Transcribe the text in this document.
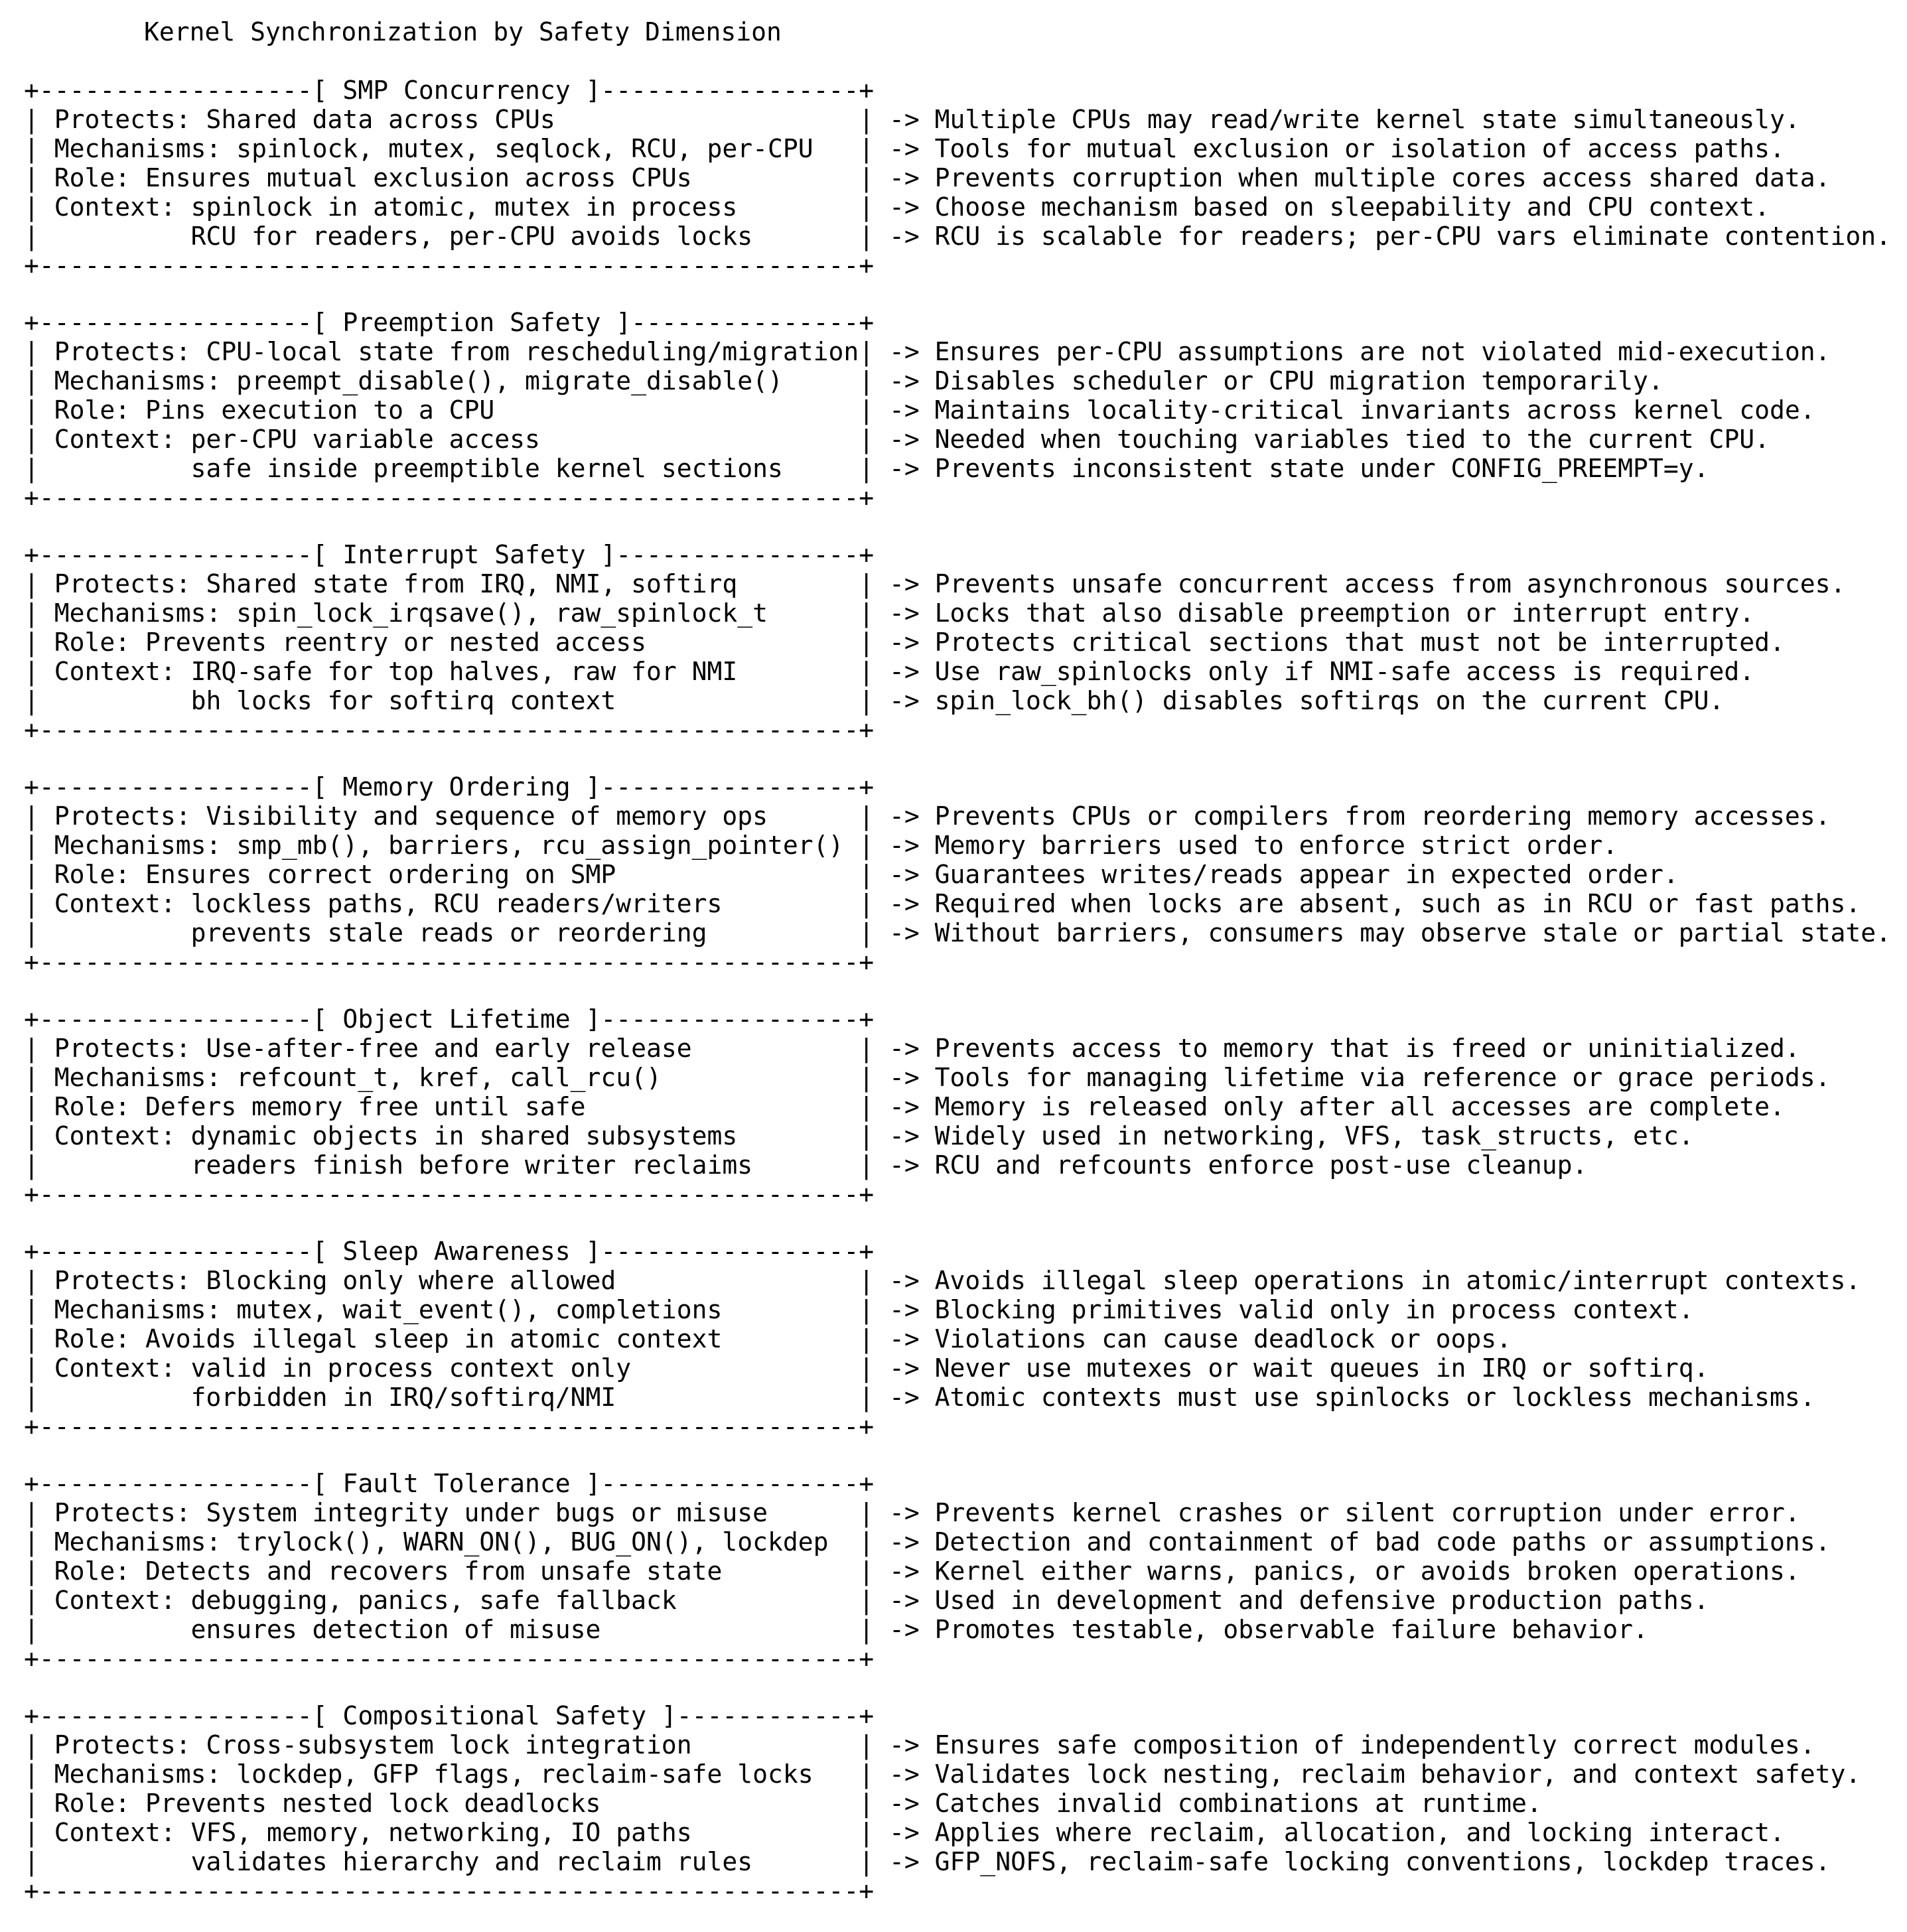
Kernel Synchronization by Safety Dimension
+------------------[ SMP Concurrency ]-----------------+
| Protects: Shared data across CPUs                    | -> Multiple CPUs may read/write kernel state simultaneously.
| Mechanisms: spinlock, mutex, seqlock, RCU, per-CPU   | -> Tools for mutual exclusion or isolation of access paths.
| Role: Ensures mutual exclusion across CPUs           | -> Prevents corruption when multiple cores access shared data.
| Context: spinlock in atomic, mutex in process        | -> Choose mechanism based on sleepability and CPU context.
|          RCU for readers, per-CPU avoids locks       | -> RCU is scalable for readers; per-CPU vars eliminate contention.
+------------------------------------------------------+
+------------------[ Preemption Safety ]---------------+
| Protects: CPU-local state from rescheduling/migration| -> Ensures per-CPU assumptions are not violated mid-execution.
| Mechanisms: preempt_disable(), migrate_disable()     | -> Disables scheduler or CPU migration temporarily.
| Role: Pins execution to a CPU                        | -> Maintains locality-critical invariants across kernel code.
| Context: per-CPU variable access                     | -> Needed when touching variables tied to the current CPU.
|          safe inside preemptible kernel sections     | -> Prevents inconsistent state under CONFIG_PREEMPT=y.
+------------------------------------------------------+
+------------------[ Interrupt Safety ]----------------+
| Protects: Shared state from IRQ, NMI, softirq        | -> Prevents unsafe concurrent access from asynchronous sources.
| Mechanisms: spin_lock_irqsave(), raw_spinlock_t      | -> Locks that also disable preemption or interrupt entry.
| Role: Prevents reentry or nested access              | -> Protects critical sections that must not be interrupted.
| Context: IRQ-safe for top halves, raw for NMI        | -> Use raw_spinlocks only if NMI-safe access is required.
|          bh locks for softirq context                | -> spin_lock_bh() disables softirqs on the current CPU.
+------------------------------------------------------+
+------------------[ Memory Ordering ]-----------------+
| Protects: Visibility and sequence of memory ops      | -> Prevents CPUs or compilers from reordering memory accesses.
| Mechanisms: smp_mb(), barriers, rcu_assign_pointer() | -> Memory barriers used to enforce strict order.
| Role: Ensures correct ordering on SMP                | -> Guarantees writes/reads appear in expected order.
| Context: lockless paths, RCU readers/writers         | -> Required when locks are absent, such as in RCU or fast paths.
|          prevents stale reads or reordering          | -> Without barriers, consumers may observe stale or partial state.
+------------------------------------------------------+
+------------------[ Object Lifetime ]-----------------+
| Protects: Use-after-free and early release           | -> Prevents access to memory that is freed or uninitialized.
| Mechanisms: refcount_t, kref, call_rcu()             | -> Tools for managing lifetime via reference or grace periods.
| Role: Defers memory free until safe                  | -> Memory is released only after all accesses are complete.
| Context: dynamic objects in shared subsystems        | -> Widely used in networking, VFS, task_structs, etc.
|          readers finish before writer reclaims       | -> RCU and refcounts enforce post-use cleanup.
+------------------------------------------------------+
+------------------[ Sleep Awareness ]-----------------+
| Protects: Blocking only where allowed                | -> Avoids illegal sleep operations in atomic/interrupt contexts.
| Mechanisms: mutex, wait_event(), completions         | -> Blocking primitives valid only in process context.
| Role: Avoids illegal sleep in atomic context         | -> Violations can cause deadlock or oops.
| Context: valid in process context only               | -> Never use mutexes or wait queues in IRQ or softirq.
|          forbidden in IRQ/softirq/NMI                | -> Atomic contexts must use spinlocks or lockless mechanisms.
+------------------------------------------------------+
+------------------[ Fault Tolerance ]-----------------+
| Protects: System integrity under bugs or misuse      | -> Prevents kernel crashes or silent corruption under error.
| Mechanisms: trylock(), WARN_ON(), BUG_ON(), lockdep  | -> Detection and containment of bad code paths or assumptions.
| Role: Detects and recovers from unsafe state         | -> Kernel either warns, panics, or avoids broken operations.
| Context: debugging, panics, safe fallback            | -> Used in development and defensive production paths.
|          ensures detection of misuse                 | -> Promotes testable, observable failure behavior.
+------------------------------------------------------+
+------------------[ Compositional Safety ]------------+
| Protects: Cross-subsystem lock integration           | -> Ensures safe composition of independently correct modules.
| Mechanisms: lockdep, GFP flags, reclaim-safe locks   | -> Validates lock nesting, reclaim behavior, and context safety.
| Role: Prevents nested lock deadlocks                 | -> Catches invalid combinations at runtime.
| Context: VFS, memory, networking, IO paths           | -> Applies where reclaim, allocation, and locking interact.
|          validates hierarchy and reclaim rules       | -> GFP_NOFS, reclaim-safe locking conventions, lockdep traces.
+------------------------------------------------------+
